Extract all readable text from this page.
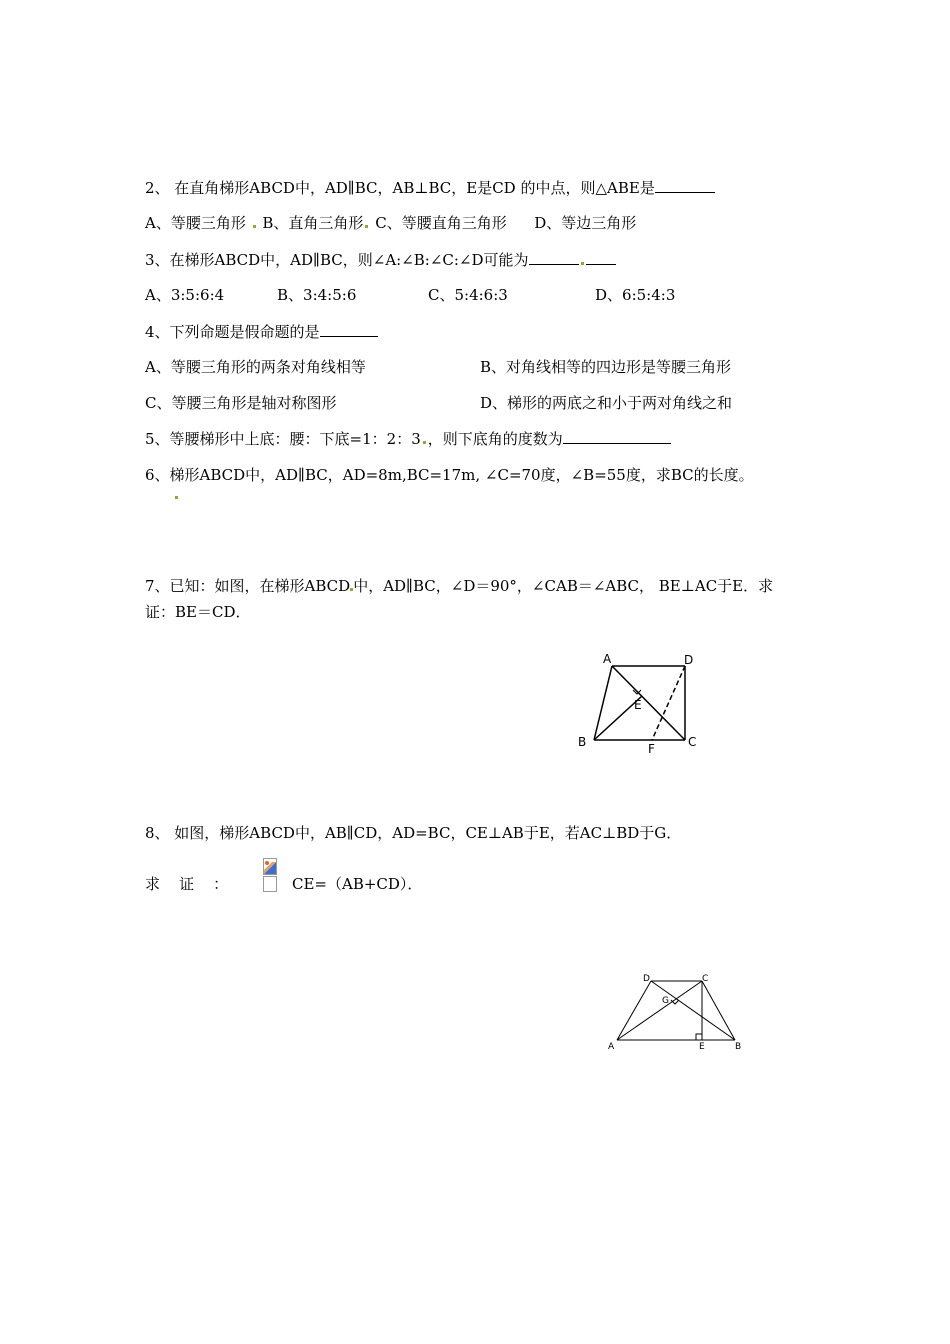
2、 在直角梯形ABCD中，AD∥BC，AB⊥BC，E是CD 的中点，则△ABE是
A、等腰三角形 B、直角三角形 C、等腰直角三角形 D、等边三角形
3、在梯形ABCD中，AD∥BC，则∠A:∠B:∠C:∠D可能为
A、3:5:6:4	B、3:4:5:6	C、5:4:6:3	D、6:5:4:3
4、下列命题是假命题的是
A、等腰三角形的两条对角线相等	B、对角线相等的四边形是等腰三角形
C、等腰三角形是轴对称图形	D、梯形的两底之和小于两对角线之和
5、等腰梯形中上底：腰：下底=1：2：3 ，则下底角的度数为
6、梯形ABCD中，AD∥BC，AD=8m,BC=17m, ∠C=70度，∠B=55度，求BC的长度。
7、已知：如图，在梯形ABCD 中，AD∥BC，∠D＝90°，∠CAB＝∠ABC， BE⊥AC于E．求
证：BE＝CD．
A	D
E
B	C
F
8、 如图，梯形ABCD中，AB∥CD，AD=BC，CE⊥AB于E，若AC⊥BD于G．
求    证    ：	CE=（AB+CD）．
D	C
G
A	E	B
